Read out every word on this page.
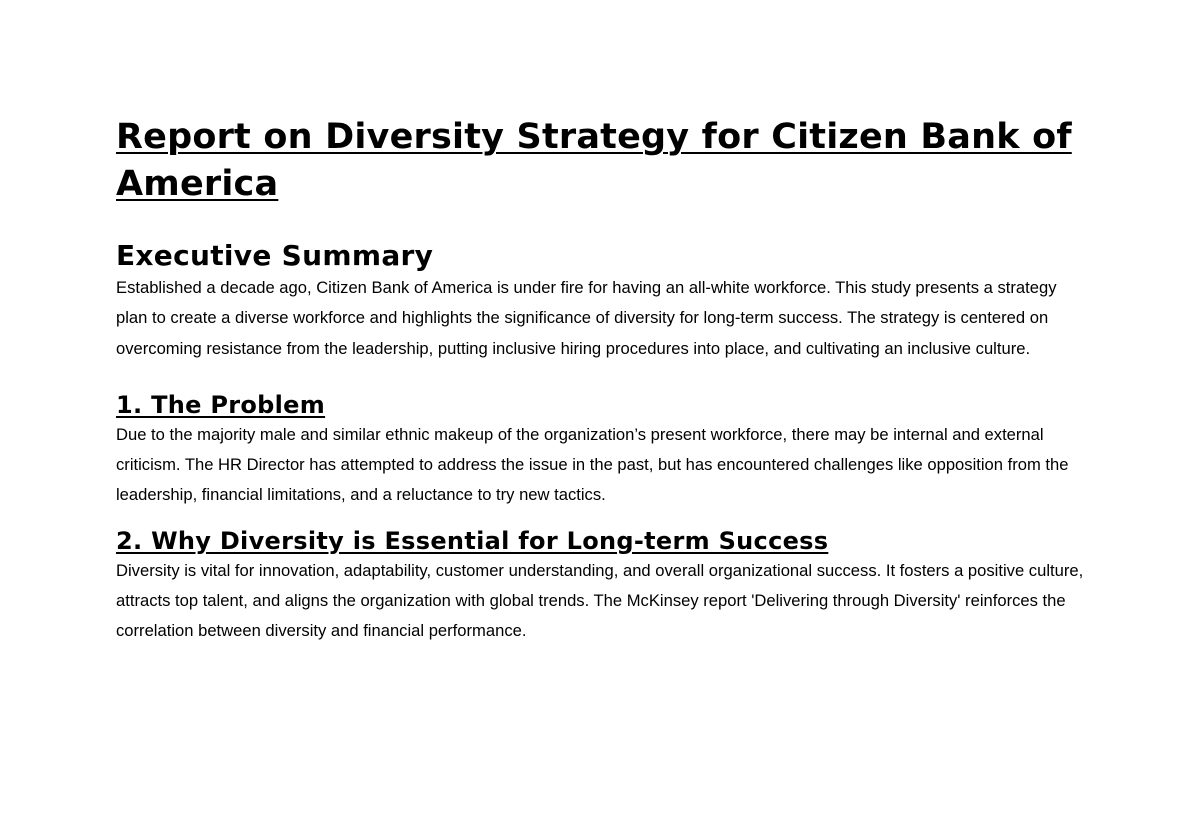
Report on Diversity Strategy for Citizen Bank of America
Executive Summary

Established a decade ago, Citizen Bank of America is under fire for having an all-white workforce. This study presents a strategy plan to create a diverse workforce and highlights the significance of diversity for long-term success. The strategy is centered on overcoming resistance from the leadership, putting inclusive hiring procedures into place, and cultivating an inclusive culture.

1. The Problem

Due to the majority male and similar ethnic makeup of the organization’s present workforce, there may be internal and external criticism. The HR Director has attempted to address the issue in the past, but has encountered challenges like opposition from the leadership, financial limitations, and a reluctance to try new tactics.

2. Why Diversity is Essential for Long-term Success

Diversity is vital for innovation, adaptability, customer understanding, and overall organizational success. It fosters a positive culture, attracts top talent, and aligns the organization with global trends. The McKinsey report 'Delivering through Diversity' reinforces the correlation between diversity and financial performance.
